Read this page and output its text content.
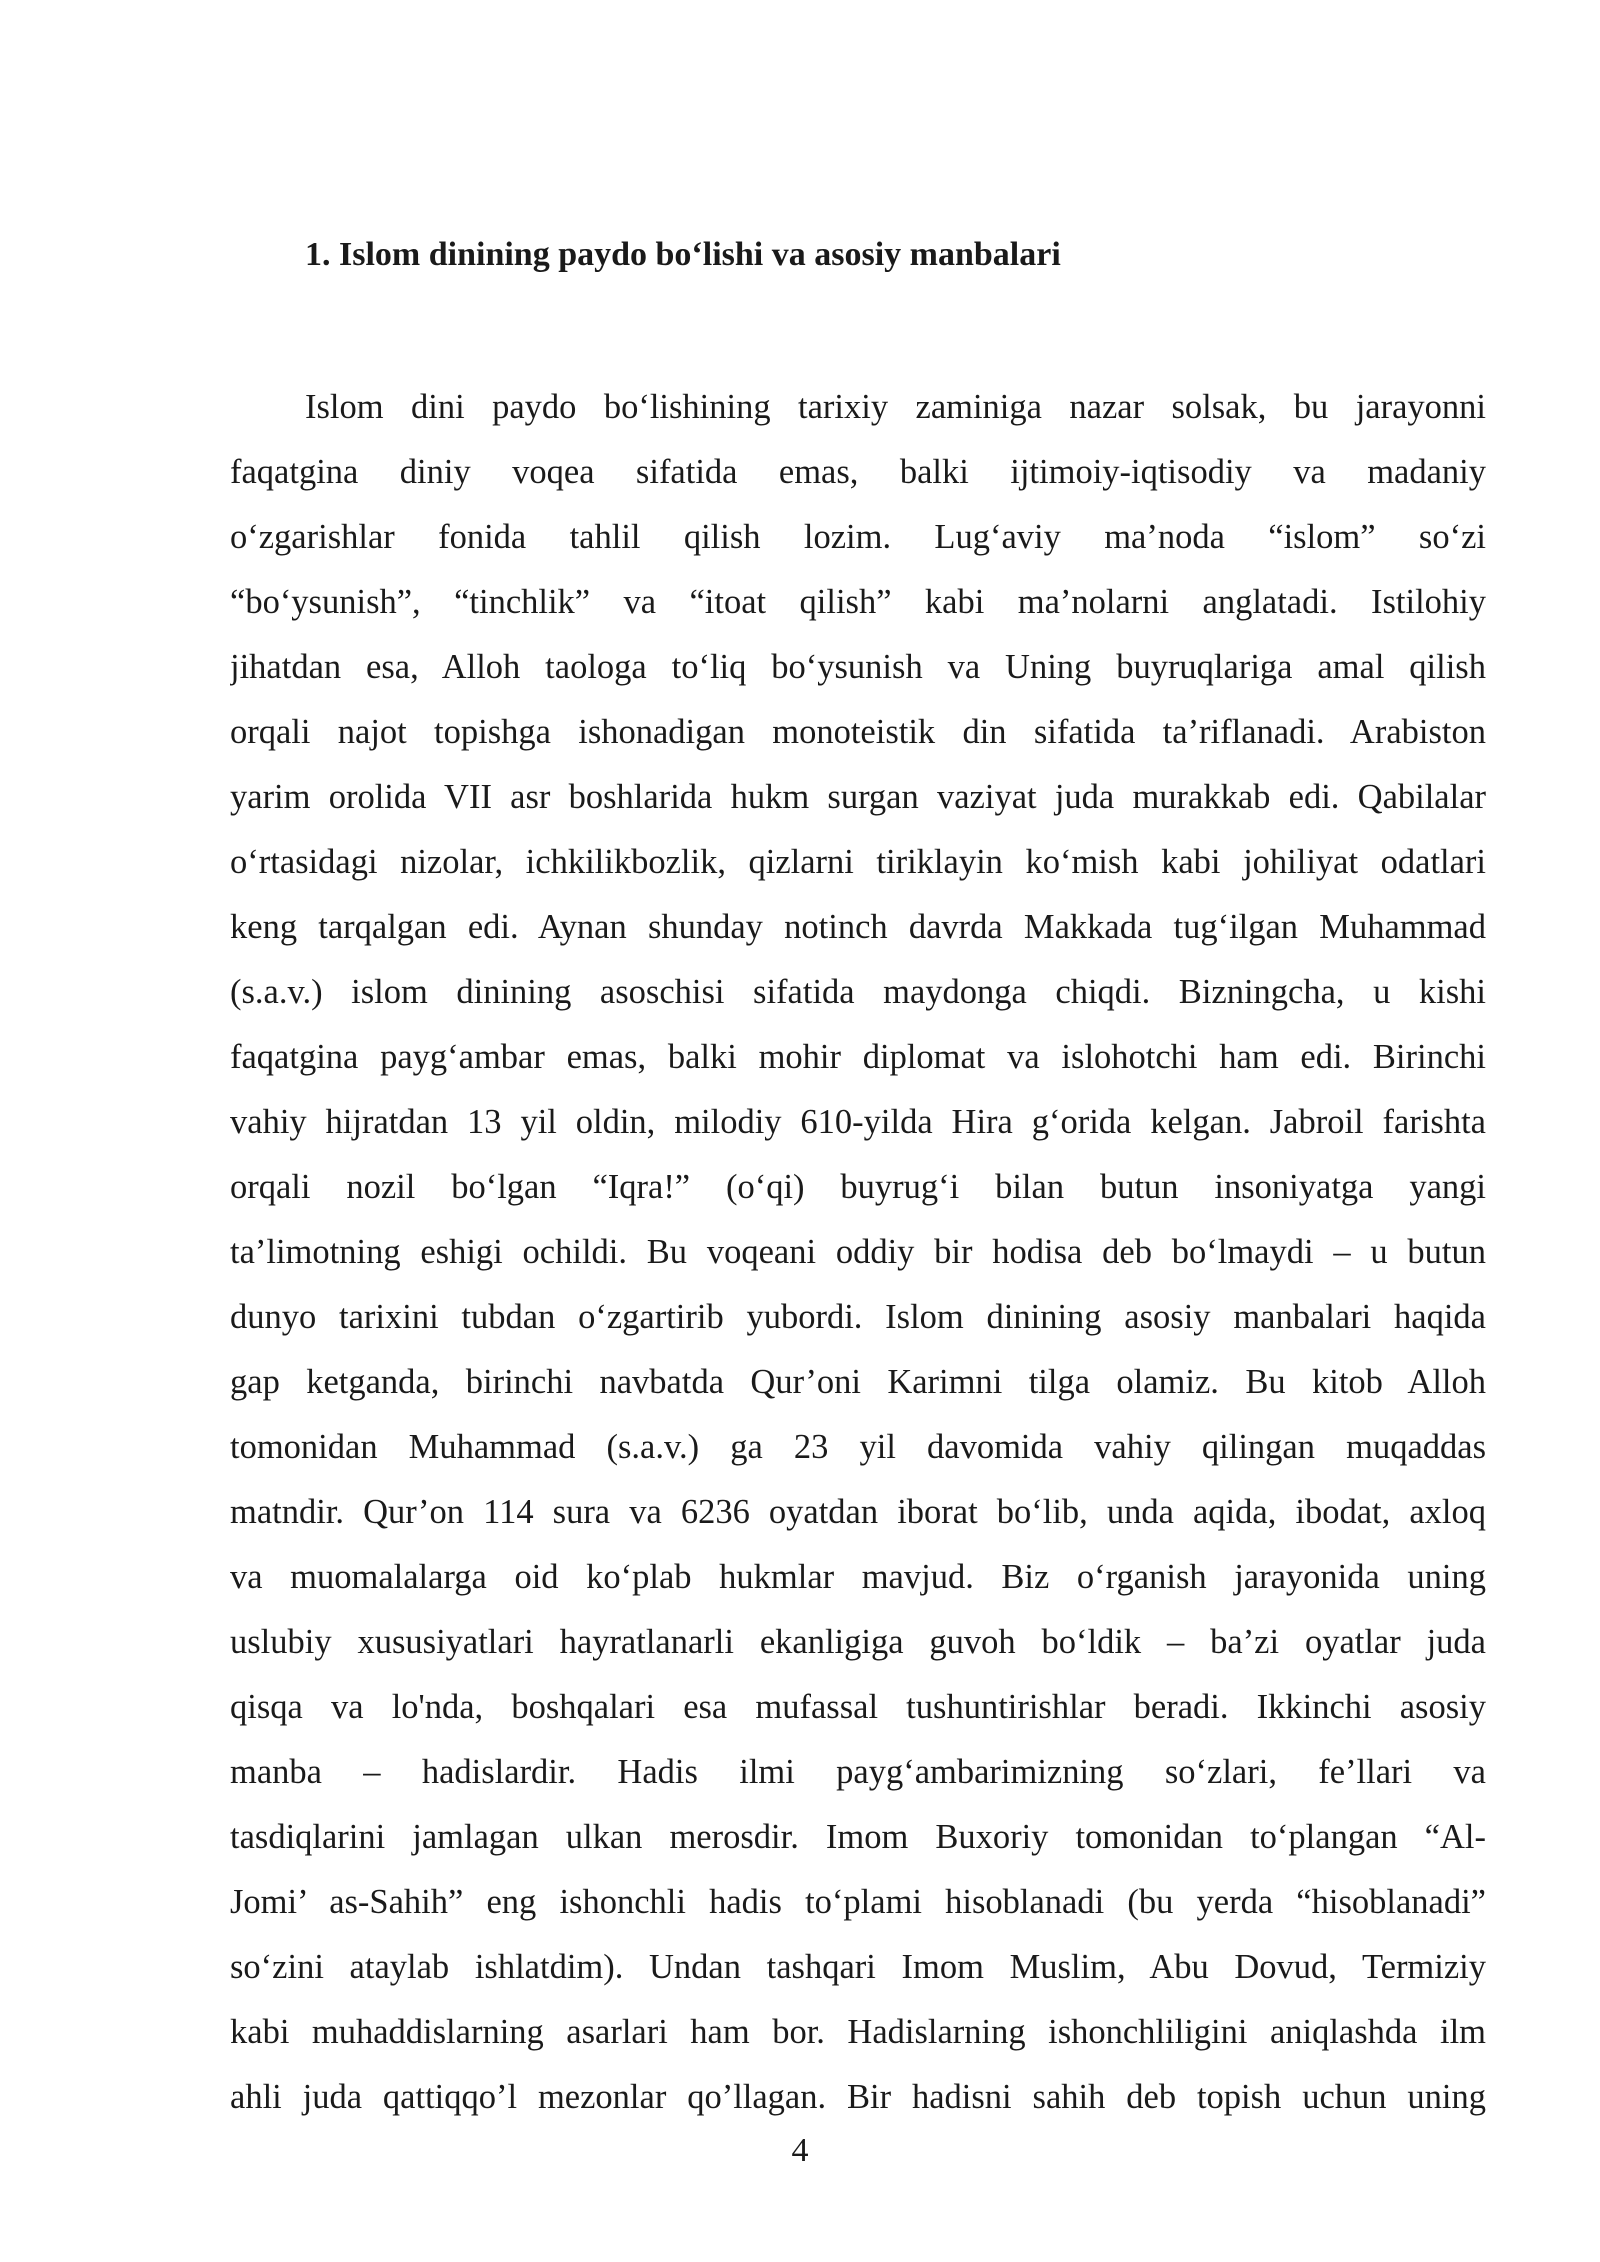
1. Islom dinining paydo bo‘lishi va asosiy manbalari
Islom dini paydo bo‘lishining tarixiy zaminiga nazar solsak, bu jarayonni
faqatgina diniy voqea sifatida emas, balki ijtimoiy-iqtisodiy va madaniy
o‘zgarishlar fonida tahlil qilish lozim. Lug‘aviy ma’noda “islom” so‘zi
“bo‘ysunish”, “tinchlik” va “itoat qilish” kabi ma’nolarni anglatadi. Istilohiy
jihatdan esa, Alloh taologa to‘liq bo‘ysunish va Uning buyruqlariga amal qilish
orqali najot topishga ishonadigan monoteistik din sifatida ta’riflanadi. Arabiston
yarim orolida VII asr boshlarida hukm surgan vaziyat juda murakkab edi. Qabilalar
o‘rtasidagi nizolar, ichkilikbozlik, qizlarni tiriklayin ko‘mish kabi johiliyat odatlari
keng tarqalgan edi. Aynan shunday notinch davrda Makkada tug‘ilgan Muhammad
(s.a.v.) islom dinining asoschisi sifatida maydonga chiqdi. Bizningcha, u kishi
faqatgina payg‘ambar emas, balki mohir diplomat va islohotchi ham edi. Birinchi
vahiy hijratdan 13 yil oldin, milodiy 610-yilda Hira g‘orida kelgan. Jabroil farishta
orqali nozil bo‘lgan “Iqra!” (o‘qi) buyrug‘i bilan butun insoniyatga yangi
ta’limotning eshigi ochildi. Bu voqeani oddiy bir hodisa deb bo‘lmaydi – u butun
dunyo tarixini tubdan o‘zgartirib yubordi. Islom dinining asosiy manbalari haqida
gap ketganda, birinchi navbatda Qur’oni Karimni tilga olamiz. Bu kitob Alloh
tomonidan Muhammad (s.a.v.) ga 23 yil davomida vahiy qilingan muqaddas
matndir. Qur’on 114 sura va 6236 oyatdan iborat bo‘lib, unda aqida, ibodat, axloq
va muomalalarga oid ko‘plab hukmlar mavjud. Biz o‘rganish jarayonida uning
uslubiy xususiyatlari hayratlanarli ekanligiga guvoh bo‘ldik – ba’zi oyatlar juda
qisqa va lo'nda, boshqalari esa mufassal tushuntirishlar beradi. Ikkinchi asosiy
manba – hadislardir. Hadis ilmi payg‘ambarimizning so‘zlari, fe’llari va
tasdiqlarini jamlagan ulkan merosdir. Imom Buxoriy tomonidan to‘plangan “Al-
Jomi’ as-Sahih” eng ishonchli hadis to‘plami hisoblanadi (bu yerda “hisoblanadi”
so‘zini ataylab ishlatdim). Undan tashqari Imom Muslim, Abu Dovud, Termiziy
kabi muhaddislarning asarlari ham bor. Hadislarning ishonchliligini aniqlashda ilm
ahli juda qattiqqo’l mezonlar qo’llagan. Bir hadisni sahih deb topish uchun uning
4
